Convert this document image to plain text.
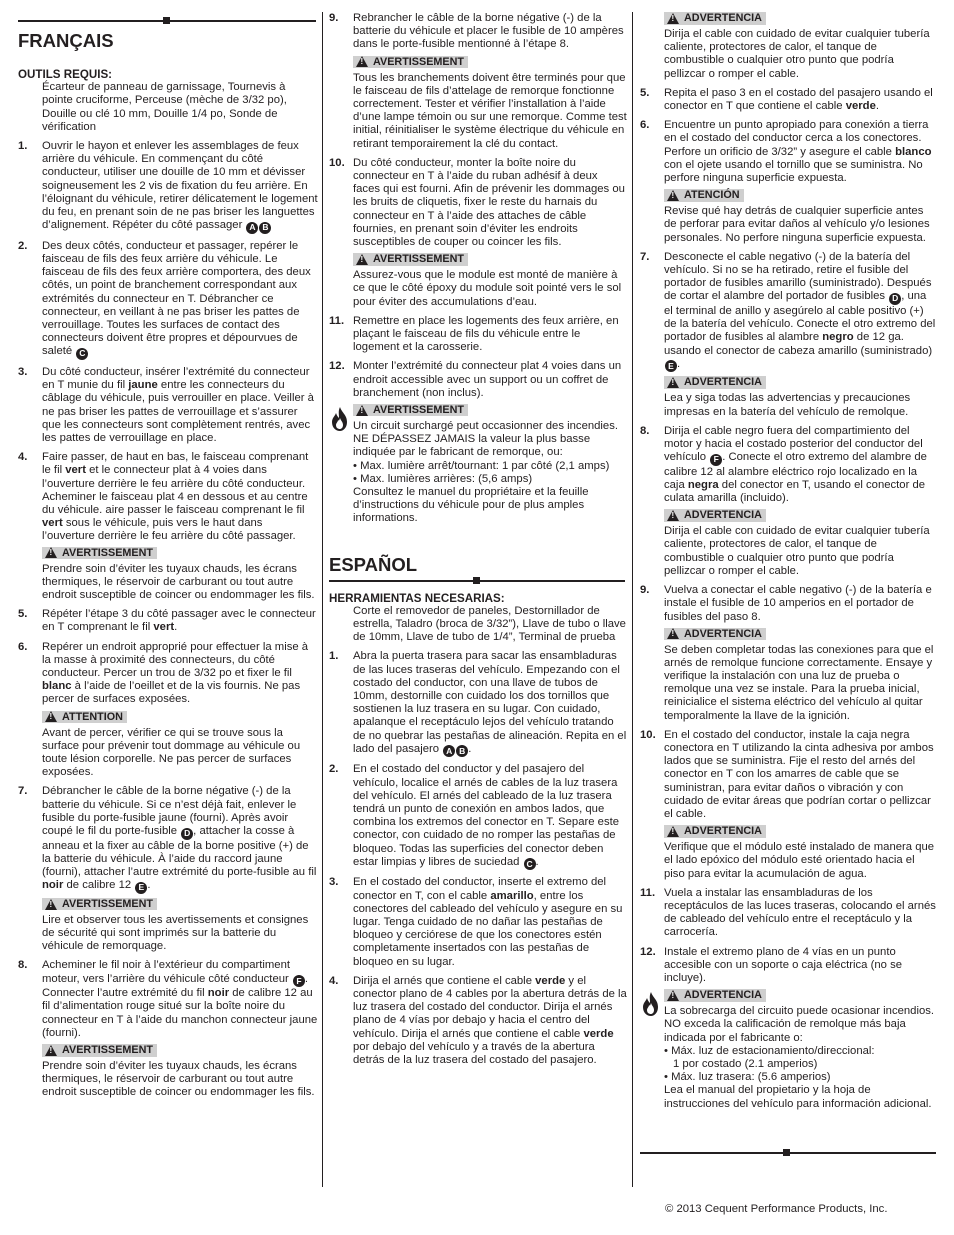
FRANÇAIS
OUTILS REQUIS:
Écarteur de panneau de garnissage, Tournevis à pointe cruciforme, Perceuse (mèche de 3/32 po), Douille ou clé 10 mm, Douille 1/4 po, Sonde de vérification
1. Ouvrir le hayon et enlever les assemblages de feux arrière du véhicule. En commençant du côté conducteur, utiliser une douille de 10 mm et dévisser soigneusement les 2 vis de fixation du feu arrière. En l’éloignant du véhicule, retirer délicatement le logement du feu, en prenant soin de ne pas briser les languettes d’alignement. Répéter du côté passager A B
2. Des deux côtés, conducteur et passager, repérer le faisceau de fils des feux arrière du véhicule. Le faisceau de fils des feux arrière comportera, des deux côtés, un point de branchement correspondant aux extrémités du connecteur en T. Débrancher ce connecteur, en veillant à ne pas briser les pattes de verrouillage. Toutes les surfaces de contact des connecteurs doivent être propres et dépourvues de saleté C
3. Du côté conducteur, insérer l’extrémité du connecteur en T munie du fil jaune entre les connecteurs du câblage du véhicule, puis verrouiller en place. Veiller à ne pas briser les pattes de verrouillage et s’assurer que les connecteurs sont complètement rentrés, avec les pattes de verrouillage en place.
4. Faire passer, de haut en bas, le faisceau comprenant le fil vert et le connecteur plat à 4 voies dans l’ouverture derrière le feu arrière du côté conducteur. Acheminer le faisceau plat 4 en dessous et au centre du véhicule. aire passer le faisceau comprenant le fil vert sous le véhicule, puis vers le haut dans l’ouverture derrière le feu arrière du côté passager.
!
AVERTISSEMENT
Prendre soin d’éviter les tuyaux chauds, les écrans thermiques, le réservoir de carburant ou tout autre endroit susceptible de coincer ou endommager les fils.
5. Répéter l’étape 3 du côté passager avec le connecteur en T comprenant le fil vert.
6. Repérer un endroit approprié pour effectuer la mise à la masse à proximité des connecteurs, du côté conducteur. Percer un trou de 3/32 po et fixer le fil blanc à l’aide de l’oeillet et de la vis fournis. Ne pas percer de surfaces exposées.
!
ATTENTION
Avant de percer, vérifier ce qui se trouve sous la surface pour prévenir tout dommage au véhicule ou toute lésion corporelle. Ne pas percer de surfaces exposées.
7. Débrancher le câble de la borne négative (-) de la batterie du véhicule. Si ce n’est déjà fait, enlever le fusible du porte-fusible jaune (fourni). Après avoir coupé le fil du porte-fusible D , attacher la cosse à anneau et la fixer au câble de la borne positive (+) de la batterie du véhicule. À l’aide du raccord jaune (fourni), attacher l’autre extrémité du porte-fusible au fil noir de calibre 12 E .
!
AVERTISSEMENT
Lire et observer tous les avertissements et consignes de sécurité qui sont imprimés sur la batterie du véhicule de remorquage.
8. Acheminer le fil noir à l’extérieur du compartiment moteur, vers l’arrière du véhicule côté conducteur F . Connecter l’autre extrémité du fil noir de calibre 12 au fil d’alimentation rouge situé sur la boîte noire du connecteur en T à l’aide du manchon connecteur jaune (fourni).
!
AVERTISSEMENT
Prendre soin d’éviter les tuyaux chauds, les écrans thermiques, le réservoir de carburant ou tout autre endroit susceptible de coincer ou endommager les fils.
9. Rebrancher le câble de la borne négative (-) de la batterie du véhicule et placer le fusible de 10 ampères dans le porte-fusible mentionné à l’étape 8.
!
AVERTISSEMENT
Tous les branchements doivent être terminés pour que le faisceau de fils d’attelage de remorque fonctionne correctement. Tester et vérifier l’installation à l’aide d’une lampe témoin ou sur une remorque. Comme test initial, réinitialiser le système électrique du véhicule en retirant temporairement la clé du contact.
10. Du côté conducteur, monter la boîte noire du connecteur en T à l’aide du ruban adhésif à deux faces qui est fourni. Afin de prévenir les dommages ou les bruits de cliquetis, fixer le reste du harnais du connecteur en T à l’aide des attaches de câble fournies, en prenant soin d’éviter les endroits susceptibles de couper ou coincer les fils.
!
AVERTISSEMENT
Assurez-vous que le module est monté de manière à ce que le côté époxy du module soit pointé vers le sol pour éviter des accumulations d’eau.
11. Remettre en place les logements des feux arrière, en plaçant le faisceau de fils du véhicule entre le logement et la carosserie.
12. Monter l’extrémité du connecteur plat 4 voies dans un endroit accessible avec un support ou un coffret de branchement (non inclus).
!
AVERTISSEMENT
Un circuit surchargé peut occasionner des incendies. NE DÉPASSEZ JAMAIS la valeur la plus basse indiquée par le fabricant de remorque, ou:
• Max. lumière arrêt/tournant: 1 par côté (2,1 amps)
• Max. lumières arrières: (5,6 amps)
Consultez le manuel du propriétaire et la feuille d’instructions du véhicule pour de plus amples informations.
ESPAÑOL
HERRAMIENTAS NECESARIAS:
Corte el removedor de paneles, Destornillador de estrella, Taladro (broca de 3/32”), Llave de tubo o llave de 10mm, Llave de tubo de 1/4”, Terminal de prueba
1. Abra la puerta trasera para sacar las ensambladuras de las luces traseras del vehículo. Empezando con el costado del conductor, con una llave de tubos de 10mm, destornille con cuidado los dos tornillos que sostienen la luz trasera en su lugar. Con cuidado, apalanque el receptáculo lejos del vehículo tratando de no quebrar las pestañas de alineación. Repita en el lado del pasajero A B .
2. En el costado del conductor y del pasajero del vehículo, localice el arnés de cables de la luz trasera del vehículo. El arnés del cableado de la luz trasera tendrá un punto de conexión en ambos lados, que combina los extremos del conector en T. Separe este conector, con cuidado de no romper las pestañas de bloqueo. Todas las superficies del conector deben estar limpias y libres de suciedad C .
3. En el costado del conductor, inserte el extremo del conector en T, con el cable amarillo, entre los conectores del cableado del vehículo y asegure en su lugar. Tenga cuidado de no dañar las pestañas de bloqueo y cerciórese de que los conectores estén completamente insertados con las pestañas de bloqueo en su lugar.
4. Dirija el arnés que contiene el cable verde y el conector plano de 4 cables por la abertura detrás de la luz trasera del costado del conductor. Dirija el arnés plano de 4 vías por debajo y hacia el centro del vehículo. Dirija el arnés que contiene el cable verde por debajo del vehículo y a través de la abertura detrás de la luz trasera del costado del pasajero.
!
ADVERTENCIA
Dirija el cable con cuidado de evitar cualquier tubería caliente, protectores de calor, el tanque de combustible o cualquier otro punto que podría pellizcar o romper el cable.
5. Repita el paso 3 en el costado del pasajero usando el conector en T que contiene el cable verde.
6. Encuentre un punto apropiado para conexión a tierra en el costado del conductor cerca a los conectores. Perfore un orificio de 3/32” y asegure el cable blanco con el ojete usando el tornillo que se suministra. No perfore ninguna superficie expuesta.
!
ATENCIÓN
Revise qué hay detrás de cualquier superficie antes de perforar para evitar daños al vehículo y/o lesiones personales. No perfore ninguna superficie expuesta.
7. Desconecte el cable negativo (-) de la batería del vehículo. Si no se ha retirado, retire el fusible del portador de fusibles amarillo (suministrado). Después de cortar el alambre del portador de fusibles D , una el terminal de anillo y asegúrelo al cable positivo (+) de la batería del vehículo. Conecte el otro extremo del portador de fusibles al alambre negro de 12 ga. usando el conector de cabeza amarillo (suministrado) E .
!
ADVERTENCIA
Lea y siga todas las advertencias y precauciones impresas en la batería del vehículo de remolque.
8. Dirija el cable negro fuera del compartimiento del motor y hacia el costado posterior del conductor del vehículo F . Conecte el otro extremo del alambre de calibre 12 al alambre eléctrico rojo localizado en la caja negra del conector en T, usando el conector de culata amarilla (incluido).
!
ADVERTENCIA
Dirija el cable con cuidado de evitar cualquier tubería caliente, protectores de calor, el tanque de combustible o cualquier otro punto que podría pellizcar o romper el cable.
9. Vuelva a conectar el cable negativo (-) de la batería e instale el fusible de 10 amperios en el portador de fusibles del paso 8.
!
ADVERTENCIA
Se deben completar todas las conexiones para que el arnés de remolque funcione correctamente. Ensaye y verifique la instalación con una luz de prueba o remolque una vez se instale. Para la prueba inicial, reinicialice el sistema eléctrico del vehículo al quitar temporalmente la llave de la ignición.
10. En el costado del conductor, instale la caja negra conectora en T utilizando la cinta adhesiva por ambos lados que se suministra. Fije el resto del arnés del conector en T con los amarres de cable que se suministran, para evitar daños o vibración y con cuidado de evitar áreas que podrían cortar o pellizcar el cable.
!
ADVERTENCIA
Verifique que el módulo esté instalado de manera que el lado epóxico del módulo esté orientado hacia el piso para evitar la acumulación de agua.
11. Vuela a instalar las ensambladuras de los receptáculos de las luces traseras, colocando el arnés de cableado del vehículo entre el receptáculo y la carrocería.
12. Instale el extremo plano de 4 vías en un punto accesible con un soporte o caja eléctrica (no se incluye).
!
ADVERTENCIA
La sobrecarga del circuito puede ocasionar incendios. NO exceda la calificación de remolque más baja indicada por el fabricante o:
• Máx. luz de estacionamiento/direccional:
1 por costado (2.1 amperios)
• Máx. luz trasera: (5.6 amperios)
Lea el manual del propietario y la hoja de instrucciones del vehículo para información adicional.
© 2013 Cequent Performance Products, Inc.
